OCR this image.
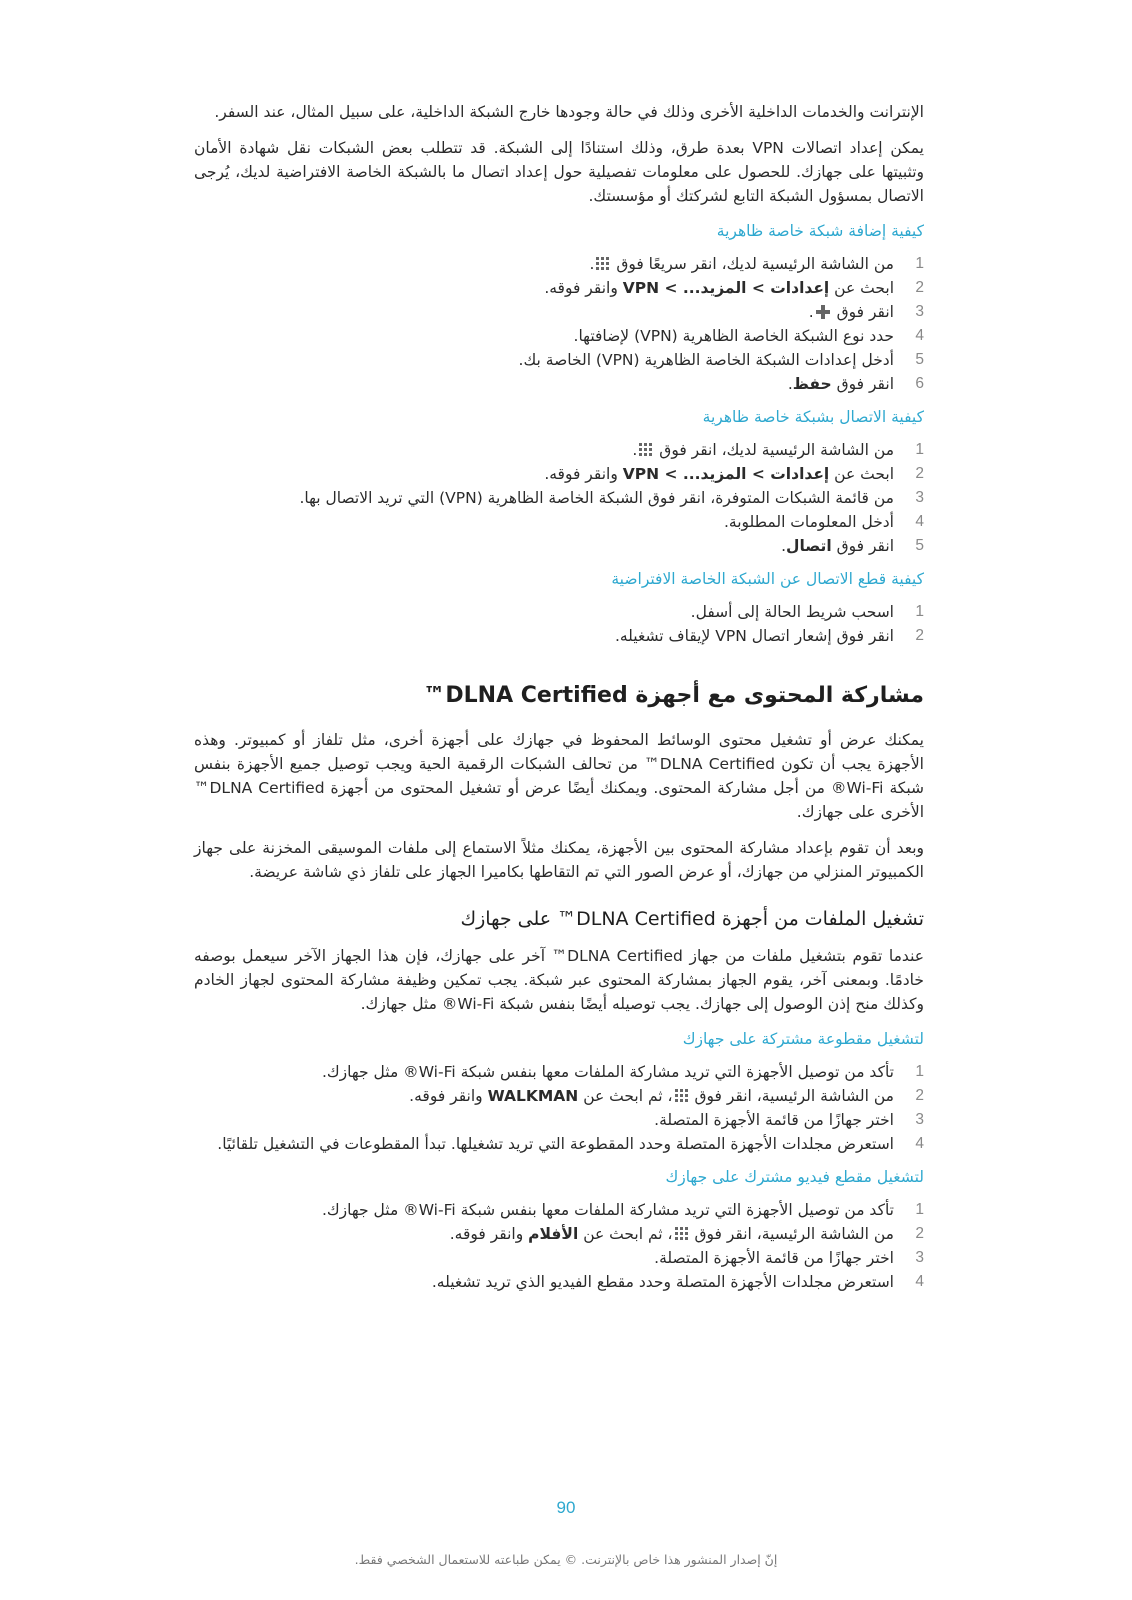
الإنترانت والخدمات الداخلية الأخرى وذلك في حالة وجودها خارج الشبكة الداخلية، على سبيل المثال، عند السفر.

يمكن إعداد اتصالات VPN بعدة طرق، وذلك استنادًا إلى الشبكة. قد تتطلب بعض الشبكات نقل شهادة الأمان وتثبيتها على جهازك. للحصول على معلومات تفصيلية حول إعداد اتصال ما بالشبكة الخاصة الافتراضية لديك، يُرجى الاتصال بمسؤول الشبكة التابع لشركتك أو مؤسستك.

كيفية إضافة شبكة خاصة ظاهرية
1
من الشاشة الرئيسية لديك، انقر سريعًا فوق .
2
ابحث عن إعدادات > المزيد... > VPN وانقر فوقه.
3
انقر فوق .
4
حدد نوع الشبكة الخاصة الظاهرية (VPN) لإضافتها.
5
أدخل إعدادات الشبكة الخاصة الظاهرية (VPN) الخاصة بك.
6
انقر فوق حفظ.
كيفية الاتصال بشبكة خاصة ظاهرية
1
من الشاشة الرئيسية لديك، انقر فوق .
2
ابحث عن إعدادات > المزيد... > VPN وانقر فوقه.
3
من قائمة الشبكات المتوفرة، انقر فوق الشبكة الخاصة الظاهرية (VPN) التي تريد الاتصال بها.
4
أدخل المعلومات المطلوبة.
5
انقر فوق اتصال.
كيفية قطع الاتصال عن الشبكة الخاصة الافتراضية
1
اسحب شريط الحالة إلى أسفل.
2
انقر فوق إشعار اتصال VPN لإيقاف تشغيله.
مشاركة المحتوى مع أجهزة DLNA Certified™

يمكنك عرض أو تشغيل محتوى الوسائط المحفوظ في جهازك على أجهزة أخرى، مثل تلفاز أو كمبيوتر. وهذه الأجهزة يجب أن تكون DLNA Certified™ من تحالف الشبكات الرقمية الحية ويجب توصيل جميع الأجهزة بنفس شبكة Wi-Fi® من أجل مشاركة المحتوى. ويمكنك أيضًا عرض أو تشغيل المحتوى من أجهزة DLNA Certified™ الأخرى على جهازك.

وبعد أن تقوم بإعداد مشاركة المحتوى بين الأجهزة، يمكنك مثلاً الاستماع إلى ملفات الموسيقى المخزنة على جهاز الكمبيوتر المنزلي من جهازك، أو عرض الصور التي تم التقاطها بكاميرا الجهاز على تلفاز ذي شاشة عريضة.

تشغيل الملفات من أجهزة DLNA Certified™ على جهازك

عندما تقوم بتشغيل ملفات من جهاز DLNA Certified™ آخر على جهازك، فإن هذا الجهاز الآخر سيعمل بوصفه خادمًا. وبمعنى آخر، يقوم الجهاز بمشاركة المحتوى عبر شبكة. يجب تمكين وظيفة مشاركة المحتوى لجهاز الخادم وكذلك منح إذن الوصول إلى جهازك. يجب توصيله أيضًا بنفس شبكة Wi-Fi® مثل جهازك.

لتشغيل مقطوعة مشتركة على جهازك
1
تأكد من توصيل الأجهزة التي تريد مشاركة الملفات معها بنفس شبكة Wi-Fi® مثل جهازك.
2
من الشاشة الرئيسية، انقر فوق ، ثم ابحث عن WALKMAN وانقر فوقه.
3
اختر جهازًا من قائمة الأجهزة المتصلة.
4
استعرض مجلدات الأجهزة المتصلة وحدد المقطوعة التي تريد تشغيلها. تبدأ المقطوعات في التشغيل تلقائيًا.
لتشغيل مقطع فيديو مشترك على جهازك
1
تأكد من توصيل الأجهزة التي تريد مشاركة الملفات معها بنفس شبكة Wi-Fi® مثل جهازك.
2
من الشاشة الرئيسية، انقر فوق ، ثم ابحث عن الأفلام وانقر فوقه.
3
اختر جهازًا من قائمة الأجهزة المتصلة.
4
استعرض مجلدات الأجهزة المتصلة وحدد مقطع الفيديو الذي تريد تشغيله.
90
إنّ إصدار المنشور هذا خاص بالإنترنت. © يمكن طباعته للاستعمال الشخصي فقط.
